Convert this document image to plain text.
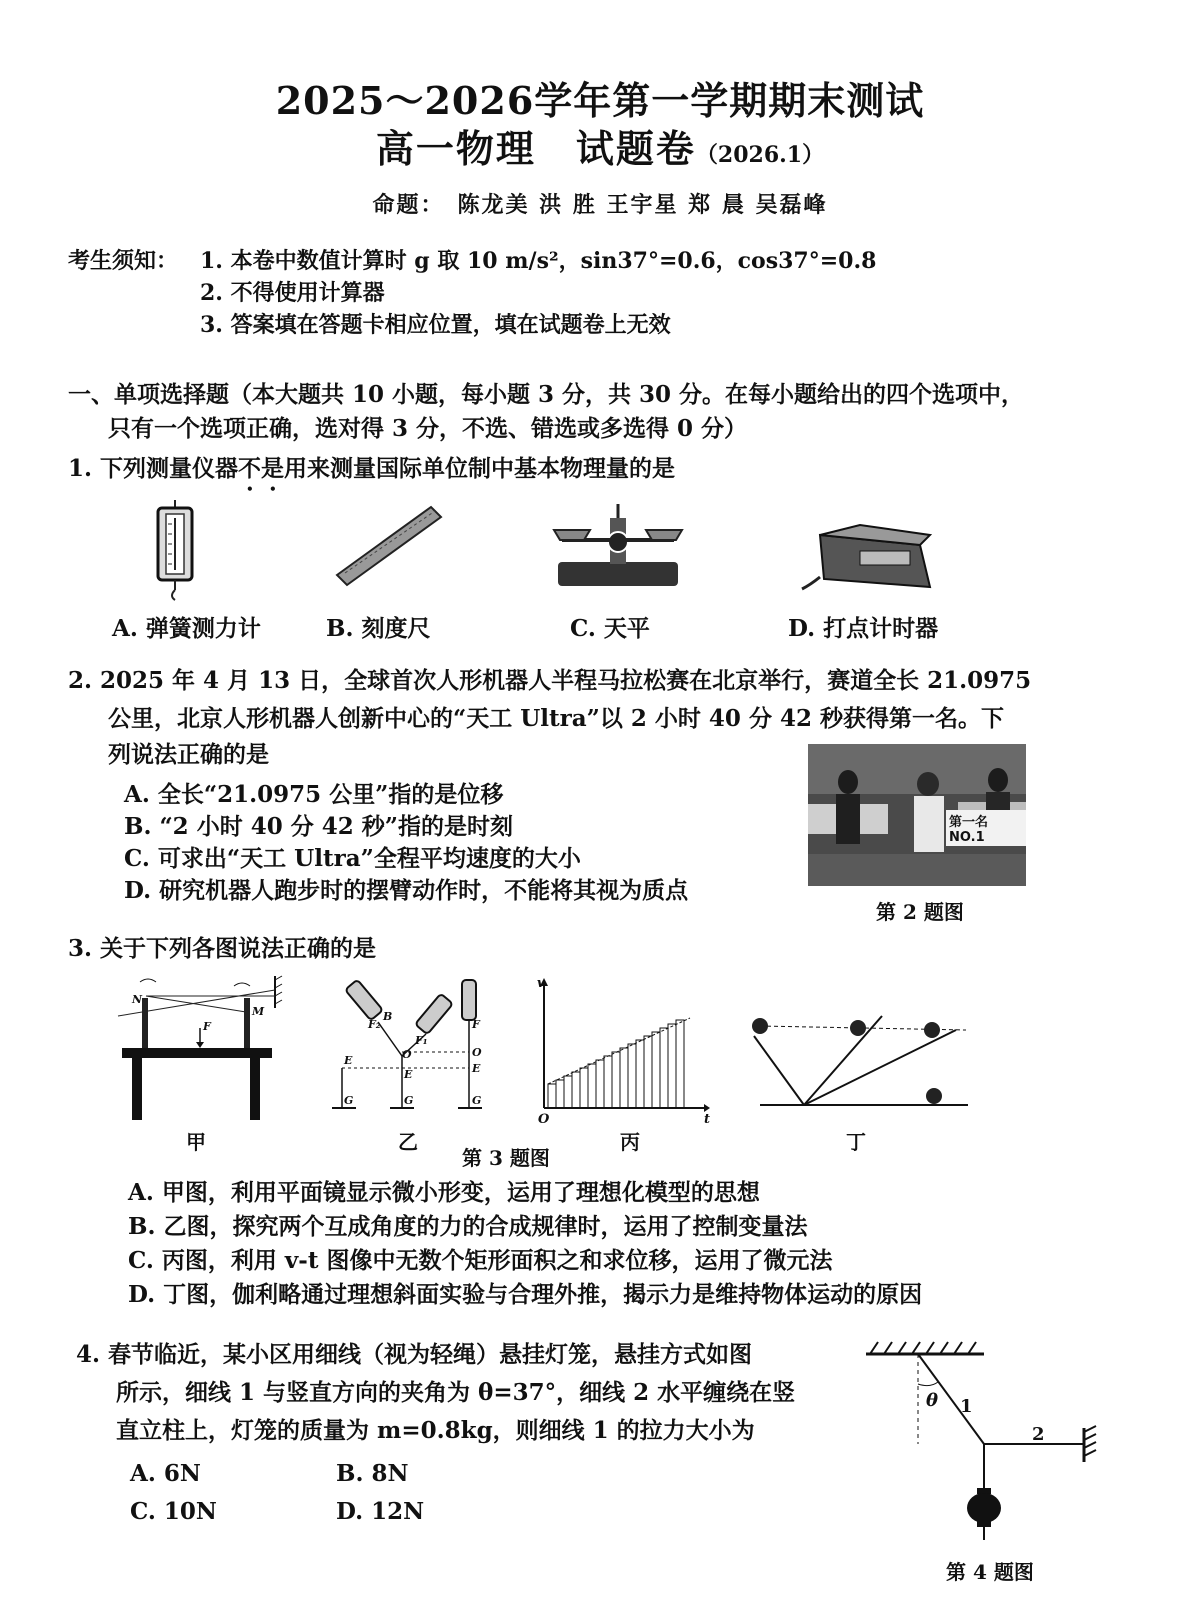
2025～2026学年第一学期期末测试
高一物理　试题卷（2026.1）
命题：　陈龙美 洪 胜 王宇星 郑 晨 吴磊峰
考生须知： 1. 本卷中数值计算时 g 取 10 m/s²，sin37°=0.6，cos37°=0.8
2. 不得使用计算器
3. 答案填在答题卡相应位置，填在试题卷上无效
一、单项选择题（本大题共 10 小题，每小题 3 分，共 30 分。在每小题给出的四个选项中，
只有一个选项正确，选对得 3 分，不选、错选或多选得 0 分）
1. 下列测量仪器不是用来测量国际单位制中基本物理量的是
A. 弹簧测力计	B. 刻度尺	C. 天平	D. 打点计时器
2. 2025 年 4 月 13 日，全球首次人形机器人半程马拉松赛在北京举行，赛道全长 21.0975
公里，北京人形机器人创新中心的“天工 Ultra”以 2 小时 40 分 42 秒获得第一名。下
列说法正确的是
A. 全长“21.0975 公里”指的是位移
B. “2 小时 40 分 42 秒”指的是时刻
C. 可求出“天工 Ultra”全程平均速度的大小
D. 研究机器人跑步时的摆臂动作时，不能将其视为质点
第一名 NO.1
第 2 题图
3. 关于下列各图说法正确的是
N
M
F	F₂
B
F₁
F
O	O
E
E	E
G	G	G
v
t
O
甲	乙
第 3 题图
丙	丁
A. 甲图，利用平面镜显示微小形变，运用了理想化模型的思想
B. 乙图，探究两个互成角度的力的合成规律时，运用了控制变量法
C. 丙图，利用 v-t 图像中无数个矩形面积之和求位移，运用了微元法
D. 丁图，伽利略通过理想斜面实验与合理外推，揭示力是维持物体运动的原因
4. 春节临近，某小区用细线（视为轻绳）悬挂灯笼，悬挂方式如图
所示，细线 1 与竖直方向的夹角为 θ=37°，细线 2 水平缠绕在竖
直立柱上，灯笼的质量为 m=0.8kg，则细线 1 的拉力大小为
A. 6N	B. 8N
C. 10N	D. 12N
θ 1
2
第 4 题图
